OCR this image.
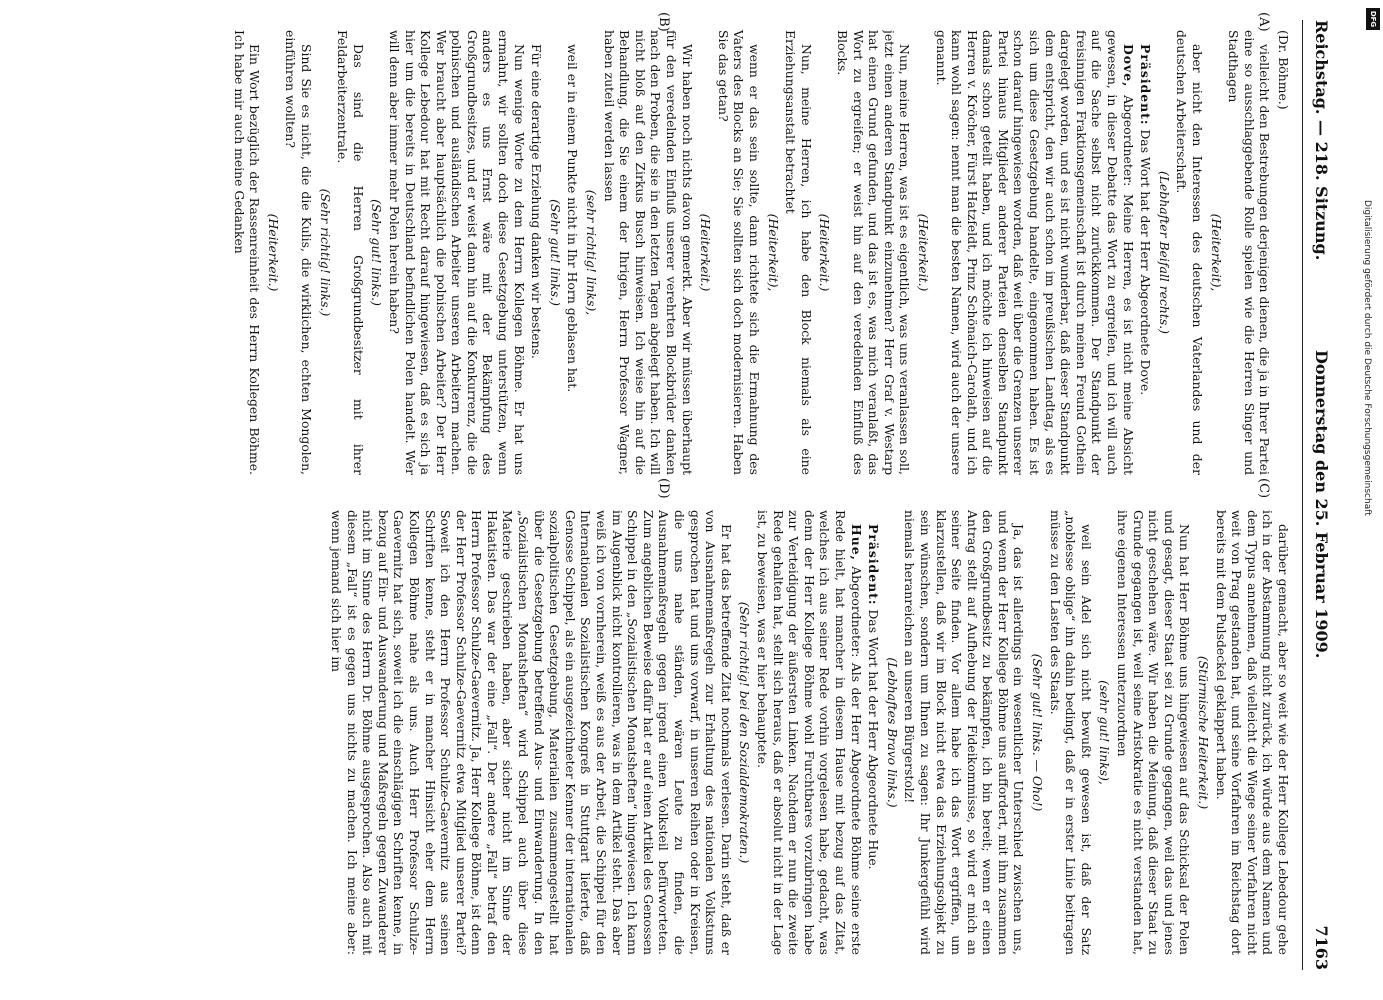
Reichstag. — 218. Sitzung.
Donnerstag den 25. Februar 1909.
7163
(A)
(B)
(C)
(D)

(Dr. Böhme.)

vielleicht den Bestrebungen derjenigen dienen, die ja in Ihrer Partei eine so ausschlaggebende Rolle spielen wie die Herren Singer und Stadthagen

(Heiterkeit),

aber nicht den Interessen des deutschen Vaterlandes und der deutschen Arbeiterschaft.

(Lebhafter Beifall rechts.)

Präsident: Das Wort hat der Herr Abgeordnete Dove.

Dove, Abgeordneter: Meine Herren, es ist nicht meine Absicht gewesen, in dieser Debatte das Wort zu ergreifen, und ich will auch auf die Sache selbst nicht zurückkommen. Der Standpunkt der freisinnigen Fraktionsgemeinschaft ist durch meinen Freund Gothein dargelegt worden, und es ist nicht wunderbar, daß dieser Standpunkt dem entspricht, den wir auch schon im preußischen Landtag, als es sich um diese Gesetzgebung handelte, eingenommen haben. Es ist schon darauf hingewiesen worden, daß weit über die Grenzen unserer Partei hinaus Mitglieder anderer Parteien denselben Standpunkt damals schon geteilt haben, und ich möchte ich hinweisen auf die Herren v. Kröcher, Fürst Hatzfeldt, Prinz Schönaich-Carolath, und ich kann wohl sagen: nennt man die besten Namen, wird auch der unsere genannt.

(Heiterkeit.)

Nun, meine Herren, was ist es eigentlich, was uns veranlassen soll, jetzt einen anderen Standpunkt einzunehmen? Herr Graf v. Westarp hat einen Grund gefunden, und das ist es, was mich veranlaßt, das Wort zu ergreifen; er weist hin auf den veredelnden Einfluß des Blocks.

(Heiterkeit.)

Nun, meine Herren, ich habe den Block niemals als eine Erziehungsanstalt betrachtet

(Heiterkeit),

wenn er das sein sollte, dann richtete sich die Ermahnung des Vaters des Blocks an Sie; Sie sollten sich doch modernisieren. Haben Sie das getan?

(Heiterkeit.)

Wir haben noch nichts davon gemerkt. Aber wir müssen überhaupt für den veredelnden Einfluß unserer verehrten Blockbrüder danken nach den Proben, die sie in den letzten Tagen abgelegt haben. Ich will nicht bloß auf den Zirkus Busch hinweisen. Ich weise hin auf die Behandlung, die Sie einem der Ihrigen, Herrn Professor Wagner, haben zuteil werden lassen

(sehr richtig! links),

weil er in einem Punkte nicht in Ihr Horn geblasen hat.

(Sehr gut! links.)

Für eine derartige Erziehung danken wir bestens.

Nun wenige Worte zu dem Herrn Kollegen Böhme. Er hat uns ermahnt, wir sollten doch diese Gesetzgebung unterstützen, wenn anders es uns Ernst wäre mit der Bekämpfung des Großgrundbesitzes, und er weist dann hin auf die Konkurrenz, die die polnischen und ausländischen Arbeiter unseren Arbeitern machen. Wer braucht aber hauptsächlich die polnischen Arbeiter? Der Herr Kollege Lebedour hat mit Recht darauf hingewiesen, daß es sich ja hier um die bereits in Deutschland befindlichen Polen handelt. Wer will denn aber immer mehr Polen herein haben?

(Sehr gut! links.)

Das sind die Herren Großgrundbesitzer mit ihrer Feldarbeiterzentrale.

(Sehr richtig! links.)

Sind Sie es nicht, die die Kulis, die wirklichen, echten Mongolen, einführen wollten?

(Heiterkeit.)

Ein Wort bezüglich der Rassenreinheit des Herrn Kollegen Böhme. Ich habe mir auch meine Gedanken

darüber gemacht, aber so weit wie der Herr Kollege Lebedour gehe ich in der Abstammung nicht zurück, ich würde aus dem Namen und dem Typus annehmen, daß vielleicht die Wiege seiner Vorfahren nicht weit von Prag gestanden hat, und seine Vorfahren im Reichstag dort bereits mit dem Pulsdeckel geklappert haben.

(Stürmische Heiterkeit.)

Nun hat Herr Böhme uns hingewiesen auf das Schicksal der Polen und gesagt, dieser Staat sei zu Grunde gegangen, weil das und jenes nicht geschehen wäre. Wir haben die Meinung, daß dieser Staat zu Grunde gegangen ist, weil seine Aristokratie es nicht verstanden hat, ihre eigenen Interessen unterzuordnen

(sehr gut! links),

weil sein Adel sich nicht bewußt gewesen ist, daß der Satz „noblesse oblige“ ihn dahin bedingt, daß er in erster Linie beitragen müsse zu den Lasten des Staats.

(Sehr gut! links. — Oho!)

Ja, das ist allerdings ein wesentlicher Unterschied zwischen uns, und wenn der Herr Kollege Böhme uns auffordert, mit ihm zusammen den Großgrundbesitz zu bekämpfen, ich bin bereit; wenn er einen Antrag stellt auf Aufhebung der Fideikommisse, so wird er mich an seiner Seite finden. Vor allem habe ich das Wort ergriffen, um klarzustellen, daß wir im Block nicht etwa das Erziehungsobjekt zu sein wünschen, sondern um Ihnen zu sagen: Ihr Junkergefühl wird niemals heranreichen an unseren Bürgerstolz!

(Lebhaftes Bravo links.)

Präsident: Das Wort hat der Herr Abgeordnete Hue.

Hue, Abgeordneter: Als der Herr Abgeordnete Böhme seine erste Rede hielt, hat mancher in diesem Hause mit bezug auf das Zitat, welches ich aus seiner Rede vorhin vorgelesen habe, gedacht, was denn der Herr Kollege Böhme wohl Furchtbares vorzubringen habe zur Verteidigung der äußersten Linken. Nachdem er nun die zweite Rede gehalten hat, stellt sich heraus, daß er absolut nicht in der Lage ist, zu beweisen, was er hier behauptete.

(Sehr richtig! bei den Sozialdemokraten.)

Er hat das betreffende Zitat nochmals verlesen. Darin steht, daß er von Ausnahmemaßregeln zur Erhaltung des nationalen Volkstums gesprochen hat und uns vorwarf, in unseren Reihen oder in Kreisen, die uns nahe ständen, wären Leute zu finden, die Ausnahmemaßregeln gegen irgend einen Volksteil befürworteten. Zum angeblichen Beweise dafür hat er auf einen Artikel des Genossen Schippel in den „Sozialistischen Monatsheften“ hingewiesen. Ich kann im Augenblick nicht kontrollieren, was in dem Artikel steht. Das aber weiß ich von vornherein, weiß es aus der Arbeit, die Schippel für den Internationalen Sozialistischen Kongreß in Stuttgart lieferte, daß Genosse Schippel, als ein ausgezeichneter Kenner der internationalen sozialpolitischen Gesetzgebung, Materialien zusammengestellt hat über die Gesetzgebung betreffend Aus- und Einwanderung. In den „Sozialistischen Monatsheften“ wird Schippel auch über diese Materie geschrieben haben, aber sicher nicht im Sinne der Hakatisten. Das war der eine „Fall“. Der andere „Fall“ betraf den Herrn Professor Schulze-Gaevernitz. Ja, Herr Kollege Böhme, ist denn der Herr Professor Schulze-Gaevernitz etwa Mitglied unserer Partei? Soweit ich den Herrn Professor Schulze-Gaevernitz aus seinen Schriften kenne, steht er in mancher Hinsicht eher dem Herrn Kollegen Böhme nahe als uns. Auch Herr Professor Schulze-Gaevernitz hat sich, soweit ich die einschlägigen Schriften kenne, in bezug auf Ein- und Auswanderung und Maßregeln gegen Zuwanderer nicht im Sinne des Herrn Dr. Böhme ausgesprochen. Also auch mit diesem „Fall“ ist es gegen uns nichts zu machen. Ich meine aber: wenn jemand sich hier im

DFG
Digitalisierung gefördert durch die Deutsche Forschungsgemeinschaft
